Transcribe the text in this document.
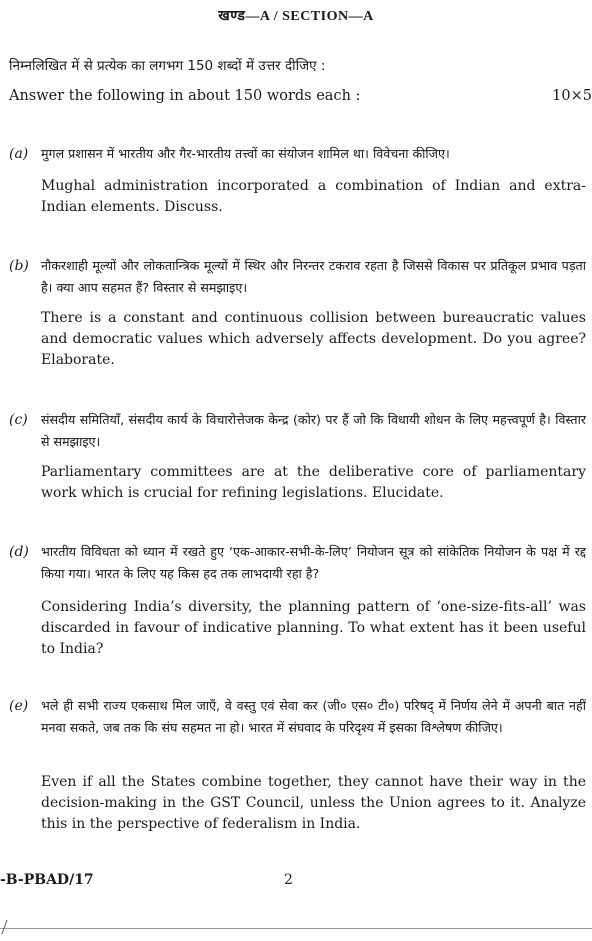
खण्ड—A / SECTION—A
निम्नलिखित में से प्रत्येक का लगभग 150 शब्दों में उत्तर दीजिए :
Answer the following in about 150 words each :	10×5
(a) मुगल प्रशासन में भारतीय और गैर-भारतीय तत्त्वों का संयोजन शामिल था। विवेचना कीजिए।
Mughal administration incorporated a combination of Indian and extra-Indian elements. Discuss.
(b) नौकरशाही मूल्यों और लोकतान्त्रिक मूल्यों में स्थिर और निरन्तर टकराव रहता है जिससे विकास पर प्रतिकूल प्रभाव पड़ता है। क्या आप सहमत हैं? विस्तार से समझाइए।
There is a constant and continuous collision between bureaucratic values and democratic values which adversely affects development. Do you agree? Elaborate.
(c) संसदीय समितियाँ, संसदीय कार्य के विचारोत्तेजक केन्द्र (कोर) पर हैं जो कि विधायी शोधन के लिए महत्त्वपूर्ण है। विस्तार से समझाइए।
Parliamentary committees are at the deliberative core of parliamentary work which is crucial for refining legislations. Elucidate.
(d) भारतीय विविधता को ध्यान में रखते हुए ‘एक-आकार-सभी-के-लिए’ नियोजन सूत्र को सांकेतिक नियोजन के पक्ष में रद्द किया गया। भारत के लिए यह किस हद तक लाभदायी रहा है?
Considering India’s diversity, the planning pattern of ‘one-size-fits-all’ was discarded in favour of indicative planning. To what extent has it been useful to India?
(e) भले ही सभी राज्य एकसाथ मिल जाएँ, वे वस्तु एवं सेवा कर (जी० एस० टी०) परिषद् में निर्णय लेने में अपनी बात नहीं मनवा सकते, जब तक कि संघ सहमत ना हो। भारत में संघवाद के परिदृश्य में इसका विश्लेषण कीजिए।
Even if all the States combine together, they cannot have their way in the decision-making in the GST Council, unless the Union agrees to it. Analyze this in the perspective of federalism in India.
-B-PBAD/17	2
